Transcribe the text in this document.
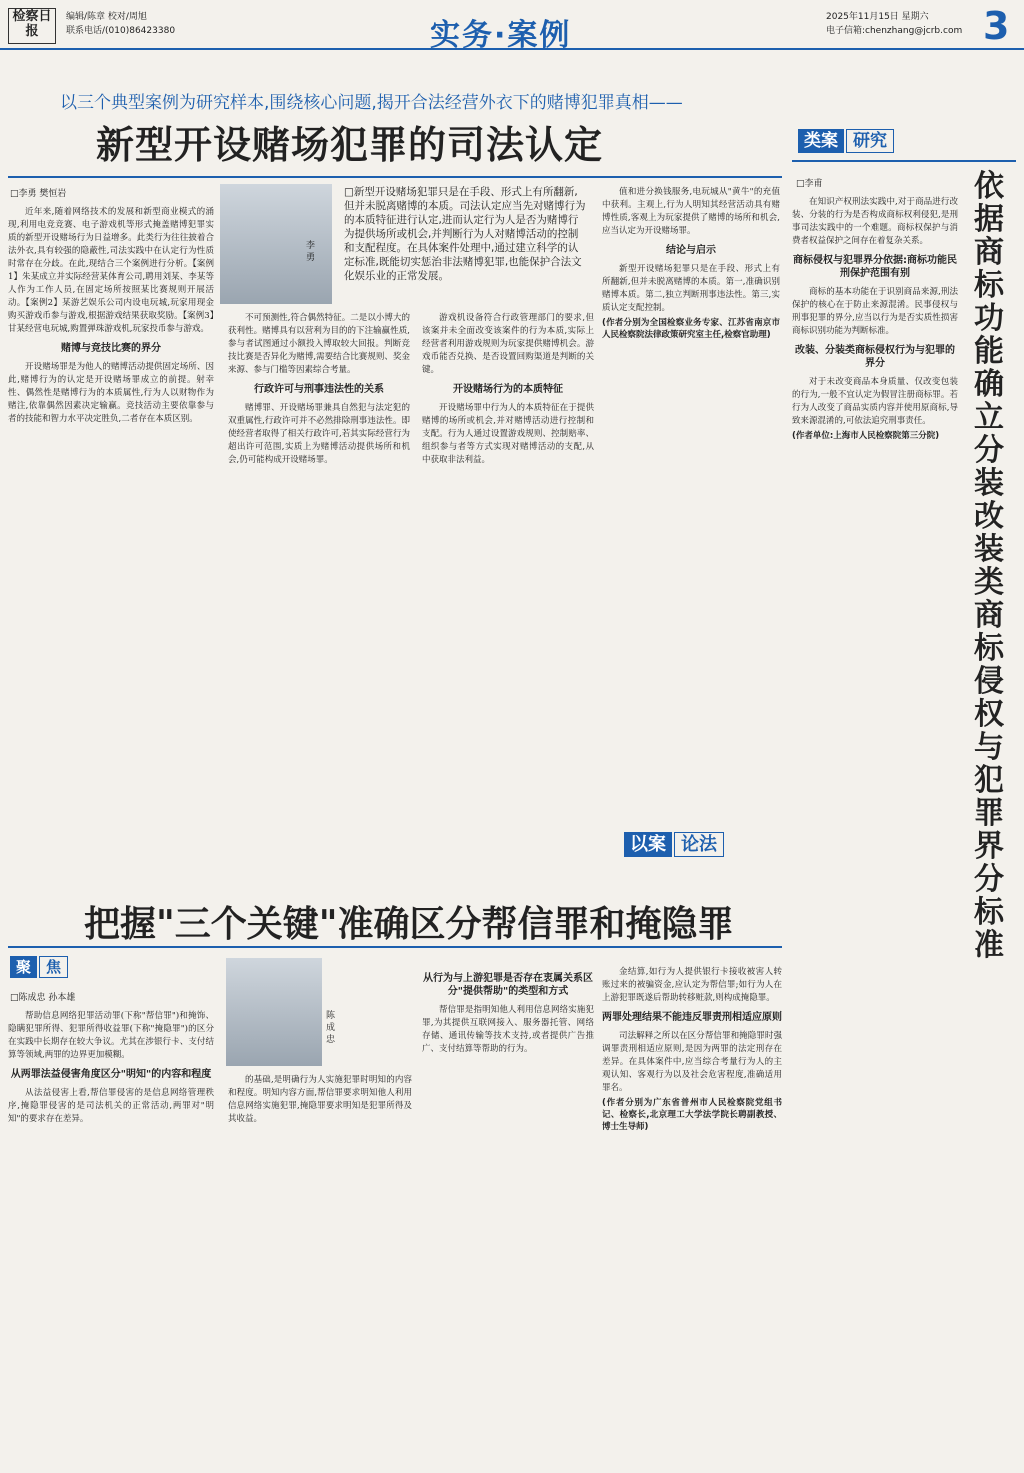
检察日报
编辑/陈章 校对/周旭
联系电话/(010)86423380	实务·案例
2025年11月15日 星期六
电子信箱:chenzhang@jcrb.com 3
以三个典型案例为研究样本,围绕核心问题,揭开合法经营外衣下的赌博犯罪真相——
新型开设赌场犯罪的司法认定
□李勇 樊恒岩
李勇
□新型开设赌场犯罪只是在手段、形式上有所翻新,但并未脱离赌博的本质。司法认定应当先对赌博行为的本质特征进行认定,进而认定行为人是否为赌博行为提供场所或机会,并判断行为人对赌博活动的控制和支配程度。在具体案件处理中,通过建立科学的认定标准,既能切实惩治非法赌博犯罪,也能保护合法文化娱乐业的正常发展。

近年来,随着网络技术的发展和新型商业模式的涌现,利用电竞竞赛、电子游戏机等形式掩盖赌博犯罪实质的新型开设赌场行为日益增多。此类行为往往披着合法外衣,具有较强的隐蔽性,司法实践中在认定行为性质时常存在分歧。在此,现结合三个案例进行分析。【案例1】朱某成立并实际经营某体育公司,聘用刘某、李某等人作为工作人员,在固定场所按照某比赛规则开展活动。【案例2】某游艺娱乐公司内设电玩城,玩家用现金购买游戏币参与游戏,根据游戏结果获取奖励。【案例3】甘某经营电玩城,购置弹珠游戏机,玩家投币参与游戏。

赌博与竞技比赛的界分

开设赌场罪是为他人的赌博活动提供固定场所、因此,赌博行为的认定是开设赌场罪成立的前提。射幸性、偶然性是赌博行为的本质属性,行为人以财物作为赌注,依靠偶然因素决定输赢。竞技活动主要依靠参与者的技能和智力水平决定胜负,二者存在本质区别。

不可预测性,符合偶然特征。二是以小博大的获利性。赌博具有以营利为目的的下注输赢性质,参与者试图通过小额投入博取较大回报。判断竞技比赛是否异化为赌博,需要结合比赛规则、奖金来源、参与门槛等因素综合考量。

行政许可与刑事违法性的关系

赌博罪、开设赌场罪兼具自然犯与法定犯的双重属性,行政许可并不必然排除刑事违法性。即使经营者取得了相关行政许可,若其实际经营行为超出许可范围,实质上为赌博活动提供场所和机会,仍可能构成开设赌场罪。

游戏机设备符合行政管理部门的要求,但该案并未全面改变该案件的行为本质,实际上经营者利用游戏规则为玩家提供赌博机会。游戏币能否兑换、是否设置回购渠道是判断的关键。

开设赌场行为的本质特征

开设赌场罪中行为人的本质特征在于提供赌博的场所或机会,并对赌博活动进行控制和支配。行为人通过设置游戏规则、控制赔率、组织参与者等方式实现对赌博活动的支配,从中获取非法利益。

值和进分换钱服务,电玩城从"黄牛"的充值中获利。主观上,行为人明知其经营活动具有赌博性质,客观上为玩家提供了赌博的场所和机会,应当认定为开设赌场罪。

结论与启示

新型开设赌场犯罪只是在手段、形式上有所翻新,但并未脱离赌博的本质。第一,准确识别赌博本质。第二,独立判断刑事违法性。第三,实质认定支配控制。

(作者分别为全国检察业务专家、江苏省南京市人民检察院法律政策研究室主任,检察官助理)
类案 研究
□李甫	依据商标功能确立分装改装类商标侵权与犯罪界分标准

在知识产权刑法实践中,对于商品进行改装、分装的行为是否构成商标权利侵犯,是刑事司法实践中的一个难题。商标权保护与消费者权益保护之间存在着复杂关系。

商标侵权与犯罪界分依据:商标功能民刑保护范围有别

商标的基本功能在于识别商品来源,刑法保护的核心在于防止来源混淆。民事侵权与刑事犯罪的界分,应当以行为是否实质性损害商标识别功能为判断标准。

改装、分装类商标侵权行为与犯罪的界分

对于未改变商品本身质量、仅改变包装的行为,一般不宜认定为假冒注册商标罪。若行为人改变了商品实质内容并使用原商标,导致来源混淆的,可依法追究刑事责任。

(作者单位:上海市人民检察院第三分院)
以案 论法
把握"三个关键"准确区分帮信罪和掩隐罪
聚 焦
□陈成忠 孙本雄
陈成忠

帮助信息网络犯罪活动罪(下称"帮信罪")和掩饰、隐瞒犯罪所得、犯罪所得收益罪(下称"掩隐罪")的区分在实践中长期存在较大争议。尤其在涉银行卡、支付结算等领域,两罪的边界更加模糊。

从两罪法益侵害角度区分"明知"的内容和程度

从法益侵害上看,帮信罪侵害的是信息网络管理秩序,掩隐罪侵害的是司法机关的正常活动,两罪对"明知"的要求存在差异。

的基础,是明确行为人实施犯罪时明知的内容和程度。明知内容方面,帮信罪要求明知他人利用信息网络实施犯罪,掩隐罪要求明知是犯罪所得及其收益。

从行为与上游犯罪是否存在衷属关系区分"提供帮助"的类型和方式

帮信罪是指明知他人利用信息网络实施犯罪,为其提供互联网接入、服务器托管、网络存储、通讯传输等技术支持,或者提供广告推广、支付结算等帮助的行为。

金结算,如行为人提供银行卡接收被害人转账过来的被骗资金,应认定为帮信罪;如行为人在上游犯罪既遂后帮助转移赃款,则构成掩隐罪。

两罪处理结果不能违反罪责刑相适应原则

司法解释之所以在区分帮信罪和掩隐罪时强调罪责刑相适应原则,是因为两罪的法定刑存在差异。在具体案件中,应当综合考量行为人的主观认知、客观行为以及社会危害程度,准确适用罪名。

(作者分别为广东省普州市人民检察院党组书记、检察长,北京理工大学法学院长聘副教授、博士生导师)
